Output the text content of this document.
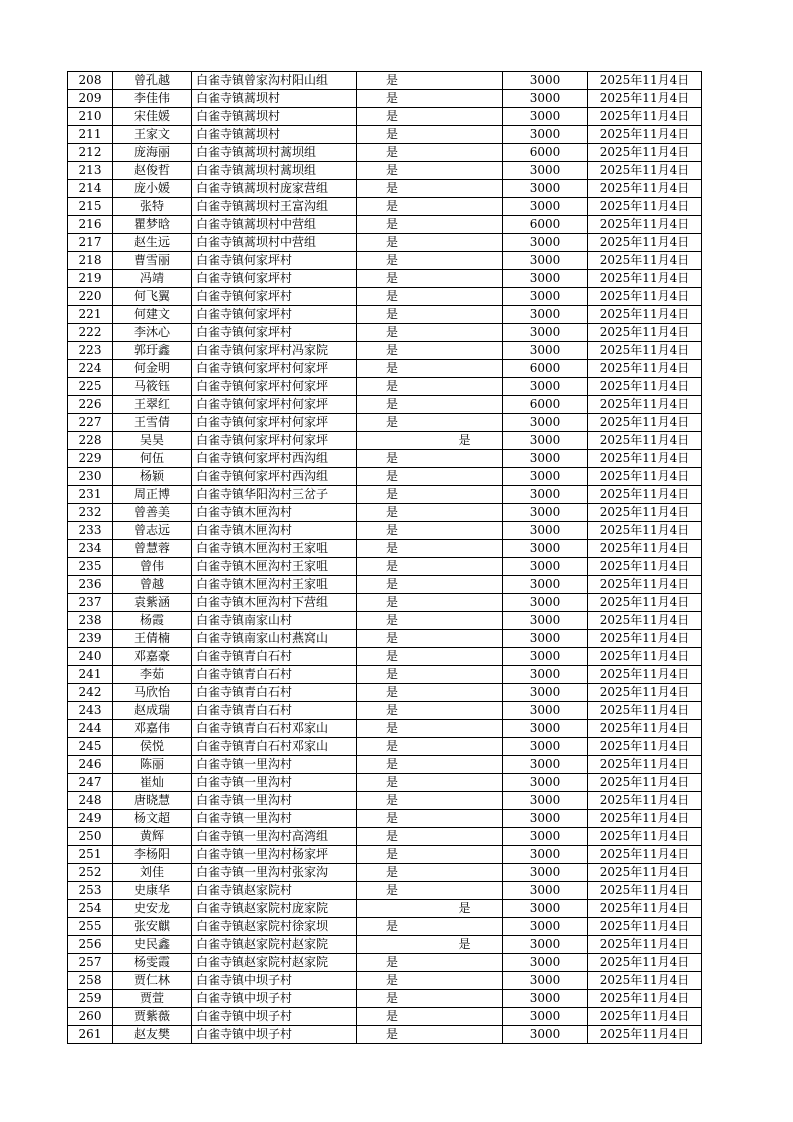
208	曾孔越	白雀寺镇曾家沟村阳山组	是		3000	2025年11月4日
209	李佳伟	白雀寺镇蒿坝村	是		3000	2025年11月4日
210	宋佳媛	白雀寺镇蒿坝村	是		3000	2025年11月4日
211	王家文	白雀寺镇蒿坝村	是		3000	2025年11月4日
212	庞海丽	白雀寺镇蒿坝村蒿坝组	是		6000	2025年11月4日
213	赵俊哲	白雀寺镇蒿坝村蒿坝组	是		3000	2025年11月4日
214	庞小媛	白雀寺镇蒿坝村庞家营组	是		3000	2025年11月4日
215	张特	白雀寺镇蒿坝村王富沟组	是		3000	2025年11月4日
216	瞿梦晗	白雀寺镇蒿坝村中营组	是		6000	2025年11月4日
217	赵生远	白雀寺镇蒿坝村中营组	是		3000	2025年11月4日
218	曹雪丽	白雀寺镇何家坪村	是		3000	2025年11月4日
219	冯靖	白雀寺镇何家坪村	是		3000	2025年11月4日
220	何飞翼	白雀寺镇何家坪村	是		3000	2025年11月4日
221	何建文	白雀寺镇何家坪村	是		3000	2025年11月4日
222	李沐心	白雀寺镇何家坪村	是		3000	2025年11月4日
223	郭玗鑫	白雀寺镇何家坪村冯家院	是		3000	2025年11月4日
224	何金明	白雀寺镇何家坪村何家坪	是		6000	2025年11月4日
225	马筱钰	白雀寺镇何家坪村何家坪	是		3000	2025年11月4日
226	王翠红	白雀寺镇何家坪村何家坪	是		6000	2025年11月4日
227	王雪倩	白雀寺镇何家坪村何家坪	是		3000	2025年11月4日
228	吴昊	白雀寺镇何家坪村何家坪		是	3000	2025年11月4日
229	何伍	白雀寺镇何家坪村西沟组	是		3000	2025年11月4日
230	杨颖	白雀寺镇何家坪村西沟组	是		3000	2025年11月4日
231	周正博	白雀寺镇华阳沟村三岔子	是		3000	2025年11月4日
232	曾善美	白雀寺镇木匣沟村	是		3000	2025年11月4日
233	曾志远	白雀寺镇木匣沟村	是		3000	2025年11月4日
234	曾慧蓉	白雀寺镇木匣沟村王家咀	是		3000	2025年11月4日
235	曾伟	白雀寺镇木匣沟村王家咀	是		3000	2025年11月4日
236	曾越	白雀寺镇木匣沟村王家咀	是		3000	2025年11月4日
237	袁紫涵	白雀寺镇木匣沟村下营组	是		3000	2025年11月4日
238	杨霞	白雀寺镇南家山村	是		3000	2025年11月4日
239	王倩楠	白雀寺镇南家山村燕窝山	是		3000	2025年11月4日
240	邓嘉豪	白雀寺镇青白石村	是		3000	2025年11月4日
241	李茹	白雀寺镇青白石村	是		3000	2025年11月4日
242	马欣怡	白雀寺镇青白石村	是		3000	2025年11月4日
243	赵成瑞	白雀寺镇青白石村	是		3000	2025年11月4日
244	邓嘉伟	白雀寺镇青白石村邓家山	是		3000	2025年11月4日
245	侯悦	白雀寺镇青白石村邓家山	是		3000	2025年11月4日
246	陈丽	白雀寺镇一里沟村	是		3000	2025年11月4日
247	崔灿	白雀寺镇一里沟村	是		3000	2025年11月4日
248	唐晓慧	白雀寺镇一里沟村	是		3000	2025年11月4日
249	杨文超	白雀寺镇一里沟村	是		3000	2025年11月4日
250	黄辉	白雀寺镇一里沟村高湾组	是		3000	2025年11月4日
251	李杨阳	白雀寺镇一里沟村杨家坪	是		3000	2025年11月4日
252	刘佳	白雀寺镇一里沟村张家沟	是		3000	2025年11月4日
253	史康华	白雀寺镇赵家院村	是		3000	2025年11月4日
254	史安龙	白雀寺镇赵家院村庞家院		是	3000	2025年11月4日
255	张安麒	白雀寺镇赵家院村徐家坝	是		3000	2025年11月4日
256	史民鑫	白雀寺镇赵家院村赵家院		是	3000	2025年11月4日
257	杨雯霞	白雀寺镇赵家院村赵家院	是		3000	2025年11月4日
258	贾仁林	白雀寺镇中坝子村	是		3000	2025年11月4日
259	贾萱	白雀寺镇中坝子村	是		3000	2025年11月4日
260	贾紫薇	白雀寺镇中坝子村	是		3000	2025年11月4日
261	赵友樊	白雀寺镇中坝子村	是		3000	2025年11月4日
